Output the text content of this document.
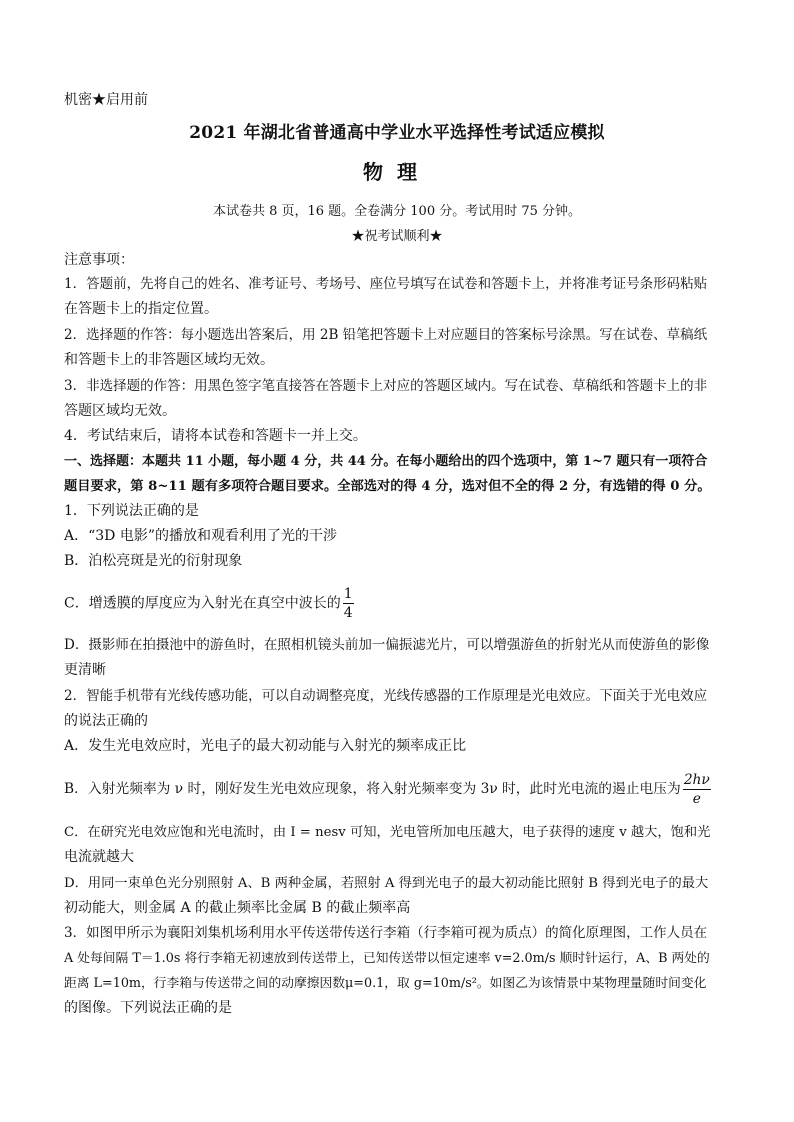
机密★启用前
2021 年湖北省普通高中学业水平选择性考试适应模拟
物理
本试卷共 8 页，16 题。全卷满分 100 分。考试用时 75 分钟。
★祝考试顺利★
注意事项：
1．答题前，先将自己的姓名、准考证号、考场号、座位号填写在试卷和答题卡上，并将准考证号条形码粘贴
在答题卡上的指定位置。
2．选择题的作答：每小题选出答案后，用 2B 铅笔把答题卡上对应题目的答案标号涂黑。写在试卷、草稿纸
和答题卡上的非答题区域均无效。
3．非选择题的作答：用黑色签字笔直接答在答题卡上对应的答题区域内。写在试卷、草稿纸和答题卡上的非
答题区域均无效。
4．考试结束后，请将本试卷和答题卡一并上交。
一、选择题：本题共 11 小题，每小题 4 分，共 44 分。在每小题给出的四个选项中，第 1~7 题只有一项符合
题目要求，第 8~11 题有多项符合题目要求。全部选对的得 4 分，选对但不全的得 2 分，有选错的得 0 分。
1．下列说法正确的是
A．“3D 电影”的播放和观看利用了光的干涉
B．泊松亮斑是光的衍射现象
C．增透膜的厚度应为入射光在真空中波长的 $\frac{1}{4}$
D．摄影师在拍摄池中的游鱼时，在照相机镜头前加一偏振滤光片，可以增强游鱼的折射光从而使游鱼的影像
更清晰
2．智能手机带有光线传感功能，可以自动调整亮度，光线传感器的工作原理是光电效应。下面关于光电效应
的说法正确的
A．发生光电效应时，光电子的最大初动能与入射光的频率成正比
B．入射光频率为 ν 时，刚好发生光电效应现象，将入射光频率变为 3ν 时，此时光电流的遏止电压为 $\frac{2h\nu}{e}$
C．在研究光电效应饱和光电流时，由 I = nesv 可知，光电管所加电压越大，电子获得的速度 v 越大，饱和光
电流就越大
D．用同一束单色光分别照射 A、B 两种金属，若照射 A 得到光电子的最大初动能比照射 B 得到光电子的最大
初动能大，则金属 A 的截止频率比金属 B 的截止频率高
3．如图甲所示为襄阳刘集机场利用水平传送带传送行李箱（行李箱可视为质点）的简化原理图，工作人员在
A 处每间隔 T＝1.0s 将行李箱无初速放到传送带上，已知传送带以恒定速率 v=2.0m/s 顺时针运行，A、B 两处的
距离 L=10m，行李箱与传送带之间的动摩擦因数μ=0.1，取 g=10m/s²。如图乙为该情景中某物理量随时间变化
的图像。下列说法正确的是
